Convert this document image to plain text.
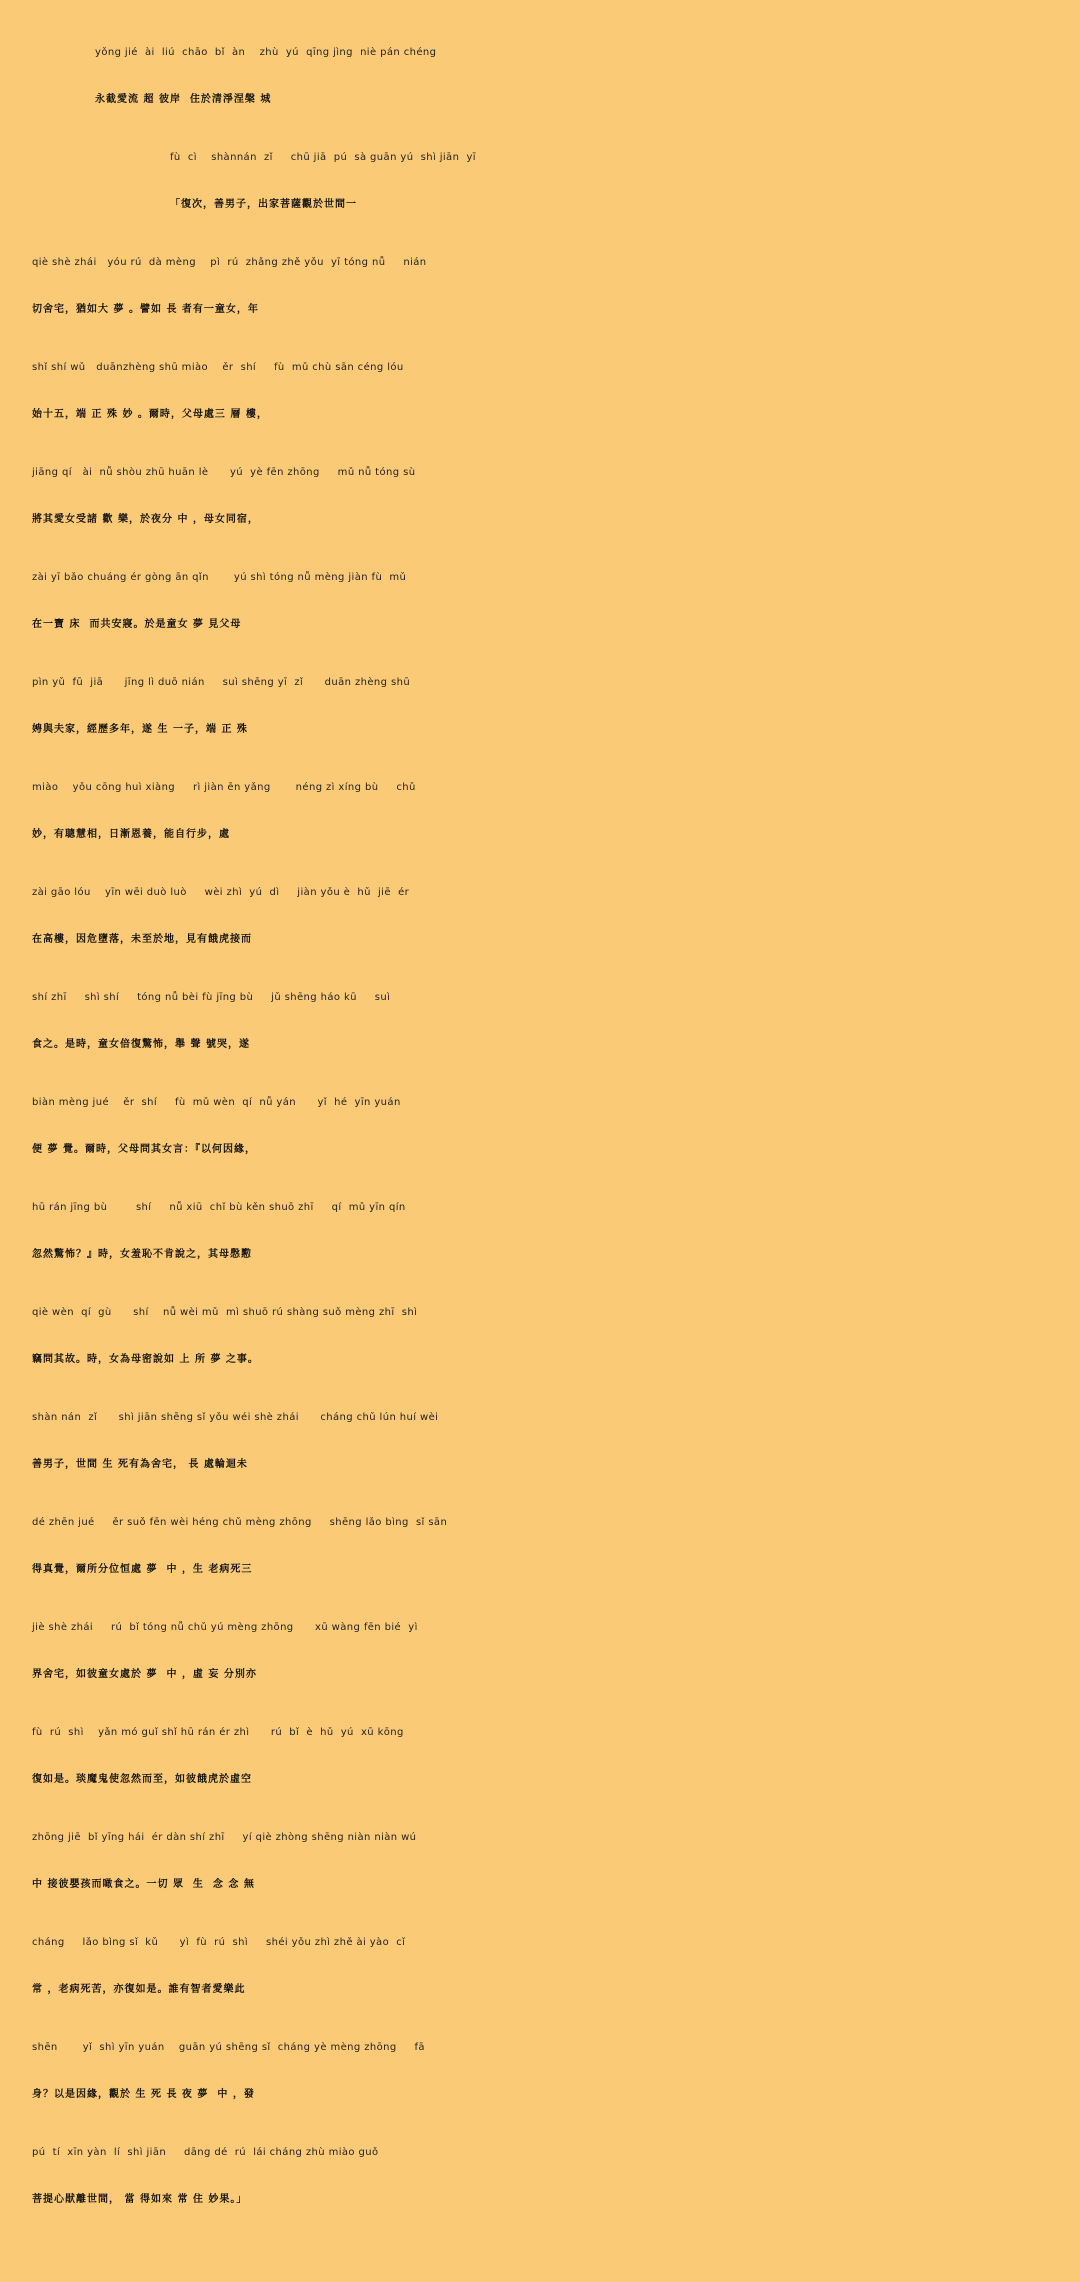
yǒng jié  ài  liú  chāo  bǐ  àn    zhù  yú  qīng jìng  niè pán chéng
永截愛流 超 彼岸  住於清淨涅槃 城
fù  cì    shànnán  zǐ     chū jiā  pú  sà guān yú  shì jiān  yī
「復次，善男子，出家菩薩觀於世間一
qiè shè zhái   yóu rú  dà mèng    pì  rú  zhǎng zhě yǒu  yī tóng nǚ     nián
切舍宅，猶如大 夢 。譬如 長 者有一童女，年
shǐ shí wǔ   duānzhèng shū miào    ěr  shí     fù  mǔ chù sān céng lóu
始十五，端 正 殊 妙 。爾時，父母處三 層 樓，
jiāng qí   ài  nǚ shòu zhū huān lè      yú  yè fēn zhōng     mǔ nǚ tóng sù
將其愛女受諸 歡 樂，於夜分 中 ，母女同宿，
zài yī bǎo chuáng ér gòng ān qǐn       yú shì tóng nǚ mèng jiàn fù  mǔ
在一寶 床  而共安寢。於是童女 夢 見父母
pìn yǔ  fū  jiā      jīng lì duō nián     suì shēng yī  zǐ      duān zhèng shū
娉與夫家，經歷多年，遂 生 一子，端 正 殊
miào    yǒu cōng huì xiàng     rì jiàn ēn yǎng       néng zì xíng bù     chǔ
妙，有聰慧相，日漸恩養，能自行步，處
zài gāo lóu    yīn wēi duò luò     wèi zhì  yú  dì     jiàn yǒu è  hǔ  jiē  ér
在高樓，因危墮落，未至於地，見有餓虎接而
shí zhī     shì shí     tóng nǚ bèi fù jīng bù     jǔ shēng háo kū     suì
食之。是時，童女倍復驚怖，舉 聲 號哭，遂
biàn mèng jué    ěr  shí     fù  mǔ wèn  qí  nǚ yán      yǐ  hé  yīn yuán
便 夢 覺。爾時，父母問其女言：『以何因緣，
hū rán jīng bù        shí     nǚ xiū  chǐ bù kěn shuō zhī     qí  mǔ yīn qín
忽然驚怖？』時，女羞恥不肯說之，其母慇懃
qiè wèn  qí  gù      shí    nǚ wèi mǔ  mì shuō rú shàng suǒ mèng zhī  shì
竊問其故。時，女為母密說如 上 所 夢 之事。
shàn nán  zǐ      shì jiān shēng sǐ yǒu wéi shè zhái      cháng chǔ lún huí wèi
善男子，世間 生 死有為舍宅， 長 處輪迴未
dé zhēn jué     ěr suǒ fēn wèi héng chǔ mèng zhōng     shēng lǎo bìng  sǐ sān
得真覺，爾所分位恒處 夢  中 ，生 老病死三
jiè shè zhái     rú  bǐ tóng nǚ chǔ yú mèng zhōng      xū wàng fēn bié  yì
界舍宅，如彼童女處於 夢  中 ，虛 妄 分別亦
fù  rú  shì    yǎn mó guǐ shǐ hū rán ér zhì      rú  bǐ  è  hǔ  yú  xū kōng
復如是。琰魔鬼使忽然而至，如彼餓虎於虛空
zhōng jiē  bǐ yīng hái  ér dàn shí zhī     yí qiè zhòng shēng niàn niàn wú
中 接彼嬰孩而噉食之。一切 眾  生  念 念 無
cháng     lǎo bìng sǐ  kǔ      yì  fù  rú  shì     shéi yǒu zhì zhě ài yào  cǐ
常 ，老病死苦，亦復如是。誰有智者愛樂此
shēn       yǐ  shì yīn yuán    guān yú shēng sǐ  cháng yè mèng zhōng     fā
身？以是因緣，觀於 生 死 長 夜 夢  中 ，發
pú  tí  xīn yàn  lí  shì jiān     dāng dé  rú  lái cháng zhù miào guǒ
菩提心猒離世間， 當 得如來 常 住 妙果。」
